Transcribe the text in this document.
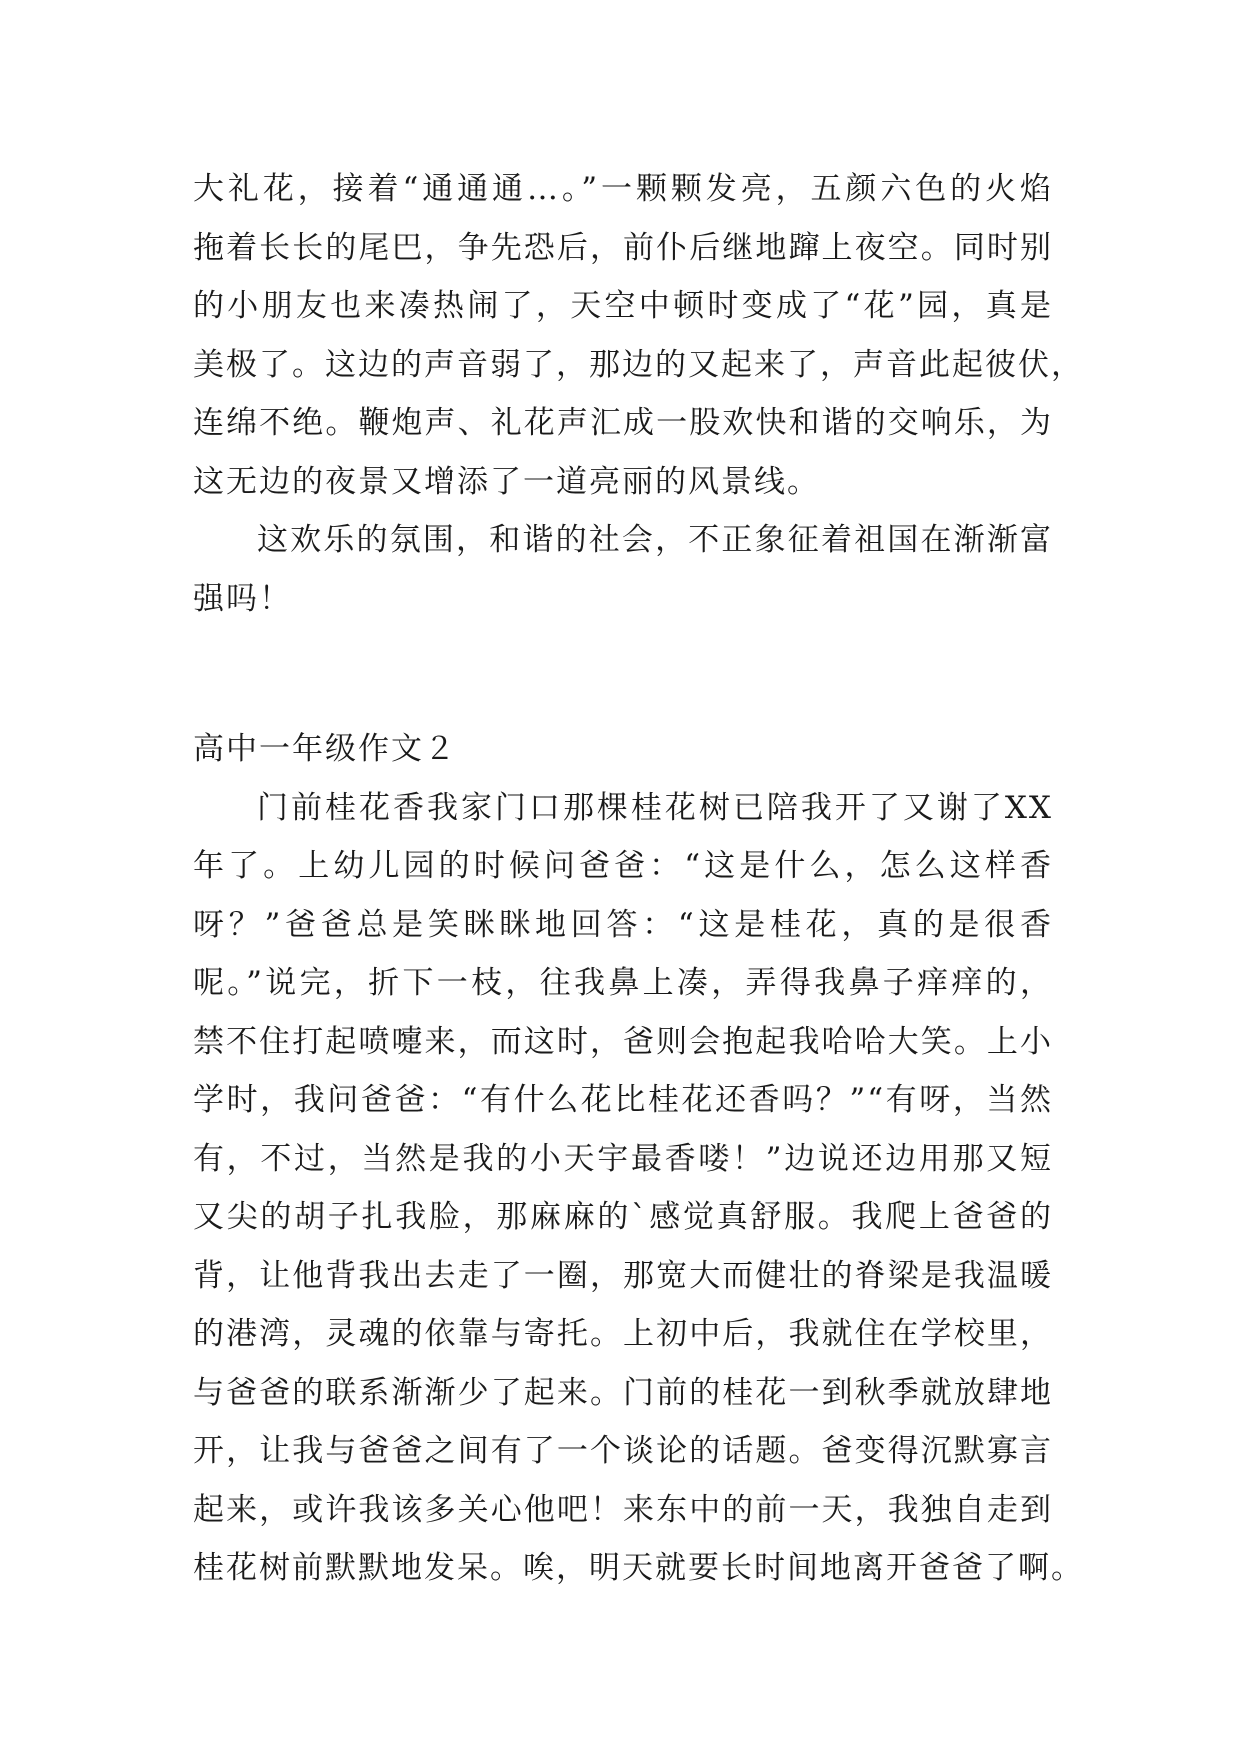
大礼花，接着“通通通…。”一颗颗发亮，五颜六色的火焰
拖着长长的尾巴，争先恐后，前仆后继地蹿上夜空。同时别
的小朋友也来凑热闹了，天空中顿时变成了“花”园，真是
美极了。这边的声音弱了，那边的又起来了，声音此起彼伏，
连绵不绝。鞭炮声、礼花声汇成一股欢快和谐的交响乐，为
这无边的夜景又增添了一道亮丽的风景线。
这欢乐的氛围，和谐的社会，不正象征着祖国在渐渐富
强吗！
高中一年级作文２
门前桂花香我家门口那棵桂花树已陪我开了又谢了XX
年了。上幼儿园的时候问爸爸：“这是什么，怎么这样香
呀？”爸爸总是笑眯眯地回答：“这是桂花，真的是很香
呢。”说完，折下一枝，往我鼻上凑，弄得我鼻子痒痒的，
禁不住打起喷嚏来，而这时，爸则会抱起我哈哈大笑。上小
学时，我问爸爸：“有什么花比桂花还香吗？”“有呀，当然
有，不过，当然是我的小天宇最香喽！”边说还边用那又短
又尖的胡子扎我脸，那麻麻的`感觉真舒服。我爬上爸爸的
背，让他背我出去走了一圈，那宽大而健壮的脊梁是我温暖
的港湾，灵魂的依靠与寄托。上初中后，我就住在学校里，
与爸爸的联系渐渐少了起来。门前的桂花一到秋季就放肆地
开，让我与爸爸之间有了一个谈论的话题。爸变得沉默寡言
起来，或许我该多关心他吧！来东中的前一天，我独自走到
桂花树前默默地发呆。唉，明天就要长时间地离开爸爸了啊。
